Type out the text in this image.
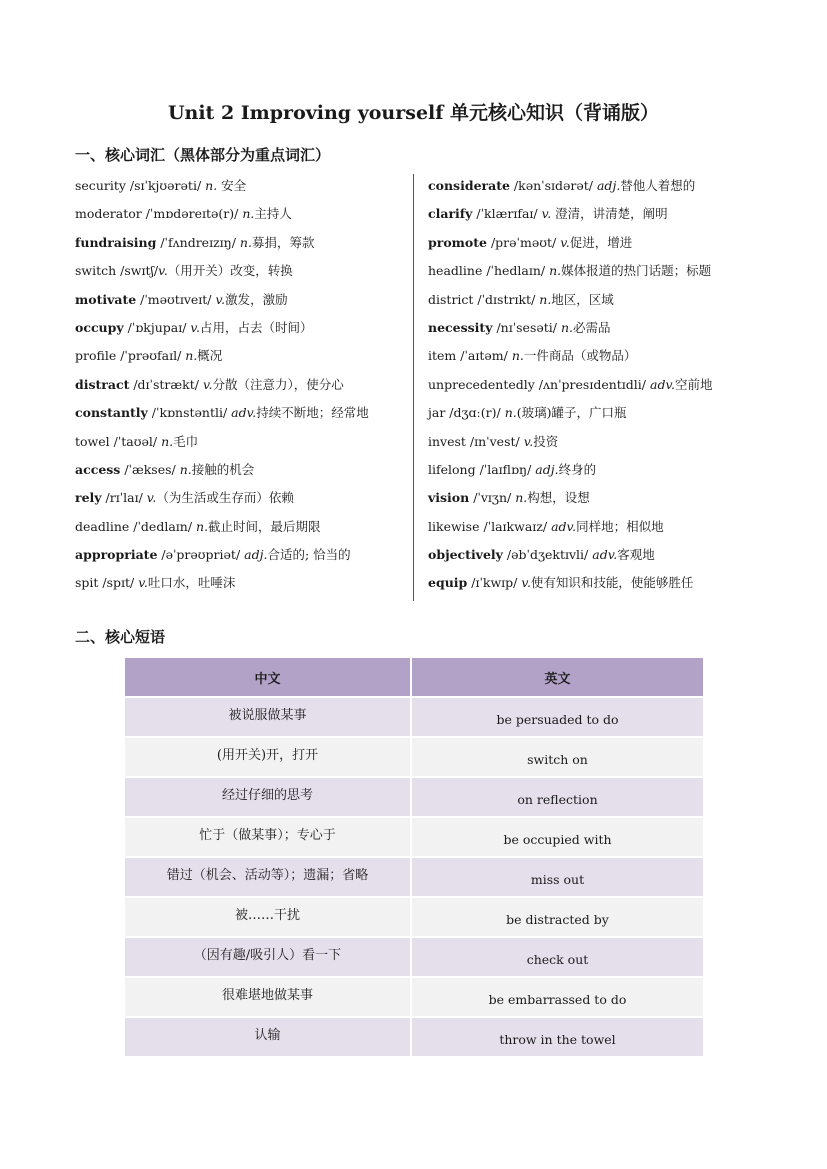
Unit 2 Improving yourself 单元核心知识（背诵版）
一、核心词汇（黑体部分为重点词汇）
security /sɪˈkjʊərəti/ n. 安全
moderator /ˈmɒdəreɪtə(r)/ n.主持人
fundraising /ˈfʌndreɪzɪŋ/ n.募捐，筹款
switch /swɪtʃ/v.（用开关）改变，转换
motivate /ˈməʊtɪveɪt/ v.激发，激励
occupy /ˈɒkjupaɪ/ v.占用，占去（时间）
profile /ˈprəʊfaɪl/ n.概况
distract /dɪˈstrækt/ v.分散（注意力），使分心
constantly /ˈkɒnstəntli/ adv.持续不断地；经常地
towel /ˈtaʊəl/ n.毛巾
access /ˈækses/ n.接触的机会
rely /rɪˈlaɪ/ v.（为生活或生存而）依赖
deadline /ˈdedlaɪn/ n.截止时间，最后期限
appropriate /əˈprəʊpriət/ adj.合适的; 恰当的
spit /spɪt/ v.吐口水，吐唾沫
considerate /kənˈsɪdərət/ adj.替他人着想的
clarify /ˈklærɪfaɪ/ v. 澄清，讲清楚，阐明
promote /prəˈməʊt/ v.促进，增进
headline /ˈhedlaɪn/ n.媒体报道的热门话题；标题
district /ˈdɪstrɪkt/ n.地区，区域
necessity /nɪˈsesəti/ n.必需品
item /ˈaɪtəm/ n.一件商品（或物品）
unprecedentedly /ʌnˈpresɪdentɪdli/ adv.空前地
jar /dʒɑː(r)/ n.(玻璃)罐子，广口瓶
invest /ɪnˈvest/ v.投资
lifelong /ˈlaɪflɒŋ/ adj.终身的
vision /ˈvɪʒn/ n.构想，设想
likewise /ˈlaɪkwaɪz/ adv.同样地；相似地
objectively /əbˈdʒektɪvli/ adv.客观地
equip /ɪˈkwɪp/ v.使有知识和技能，使能够胜任
二、核心短语
中文	英文
被说服做某事	be persuaded to do
(用开关)开，打开	switch on
经过仔细的思考	on reflection
忙于（做某事）；专心于	be occupied with
错过（机会、活动等）；遗漏；省略	miss out
被……干扰	be distracted by
（因有趣/吸引人）看一下	check out
很难堪地做某事	be embarrassed to do
认输	throw in the towel
